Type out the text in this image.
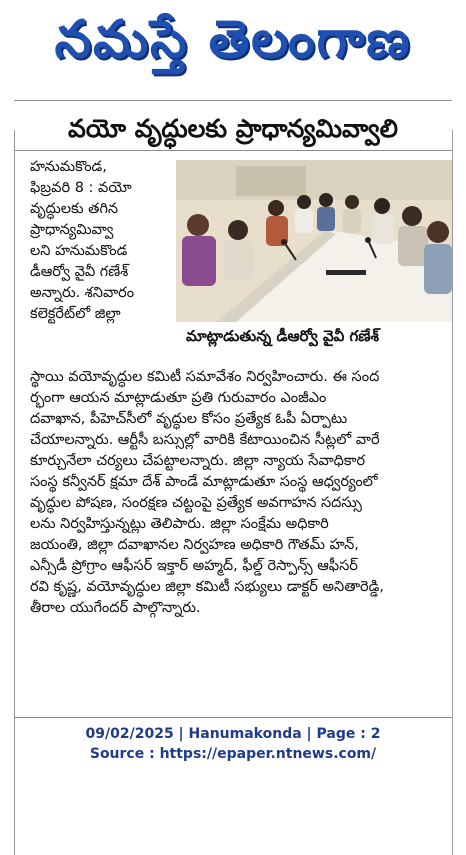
నమస్తే తెలంగాణ
వయో వృద్ధులకు ప్రాధాన్యమివ్వాలి

హనుమకొండ,

ఫిబ్రవరి 8 : వయో

వృద్ధులకు తగిన

ప్రాధాన్యమివ్వా

లని హనుమకొండ

డీఆర్వో వైవీ గణేశ్

అన్నారు. శనివారం

కలెక్టరేట్‌లో జిల్లా

మాట్లాడుతున్న డీఆర్వో వైవీ గణేశ్
స్థాయి వయోవృద్ధుల కమిటీ సమావేశం నిర్వహించారు. ఈ సంద
ర్భంగా ఆయన మాట్లాడుతూ ప్రతి గురువారం ఎంజీఎం
దవాఖాన, పీహెచ్‌సీలో వృద్ధుల కోసం ప్రత్యేక ఓపీ ఏర్పాటు
చేయాలన్నారు. ఆర్టీసీ బస్సుల్లో వారికి కేటాయించిన సీట్లలో వారే
కూర్చునేలా చర్యలు చేపట్టాలన్నారు. జిల్లా న్యాయ సేవాధికార
సంస్థ కన్వీనర్ క్షమా దేశ్ పాండే మాట్లాడుతూ సంస్థ ఆధ్వర్యంలో
వృద్ధుల పోషణ, సంరక్షణ చట్టంపై ప్రత్యేక అవగాహన సదస్సు
లను నిర్వహిస్తున్నట్లు తెలిపారు. జిల్లా సంక్షేమ అధికారి
జయంతి, జిల్లా దవాఖానల నిర్వహణ అధికారి గౌతమ్ హన్,
ఎన్సీడీ ప్రోగ్రాం ఆఫీసర్ ఇక్తార్ అహ్మద్, ఫీల్డ్ రెస్పాన్స్ ఆఫీసర్
రవి కృష్ణ, వయోవృద్ధుల జిల్లా కమిటీ సభ్యులు డాక్టర్ అనితారెడ్డి,
తీరాల యుగేందర్ పాల్గొన్నారు.
09/02/2025 | Hanumakonda | Page : 2
Source : https://epaper.ntnews.com/
